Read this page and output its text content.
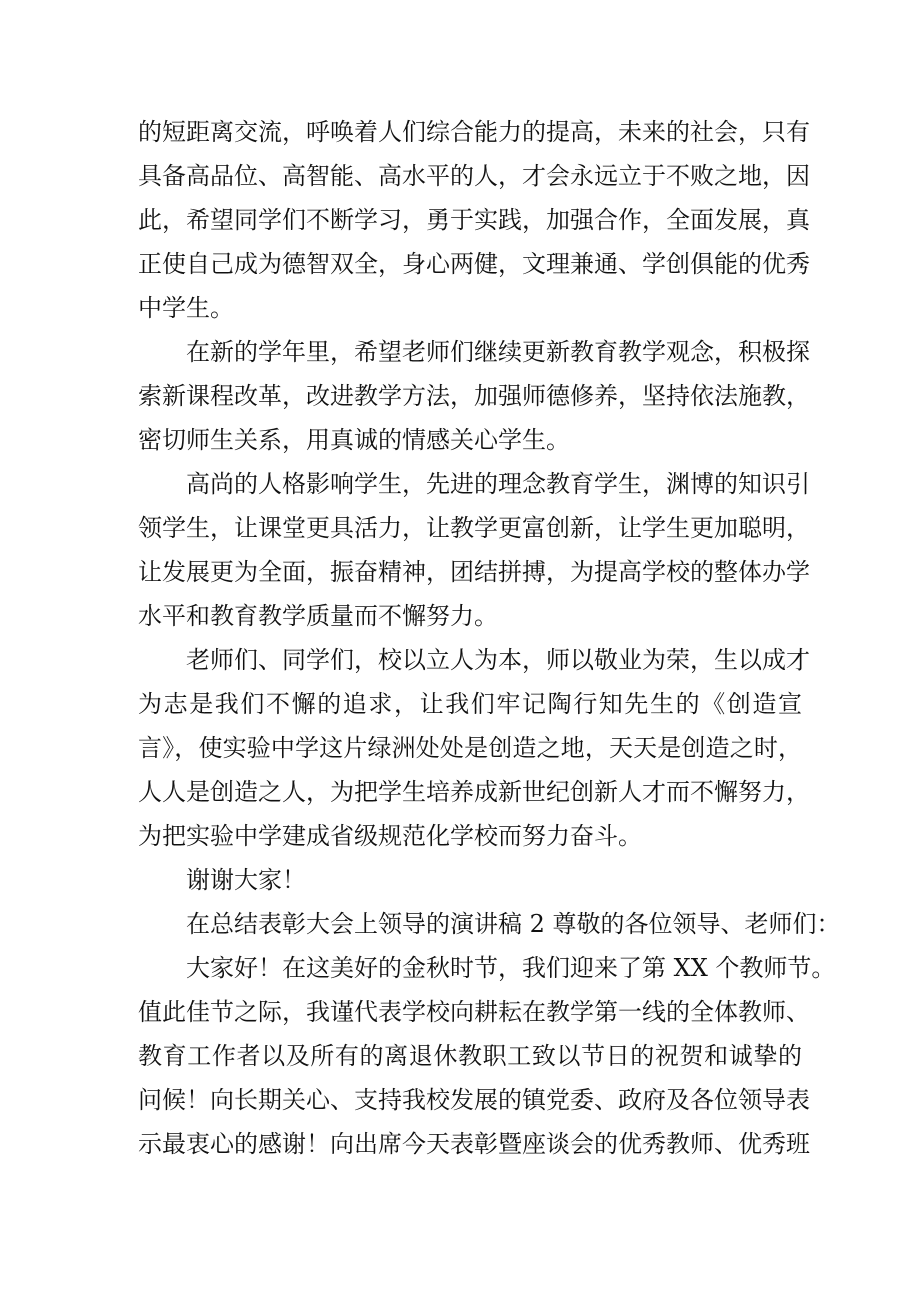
的短距离交流，呼唤着人们综合能力的提高，未来的社会，只有
具备高品位、高智能、高水平的人，才会永远立于不败之地，因
此，希望同学们不断学习，勇于实践，加强合作，全面发展，真
正使自己成为德智双全，身心两健，文理兼通、学创俱能的优秀
中学生。
在新的学年里，希望老师们继续更新教育教学观念，积极探
索新课程改革，改进教学方法，加强师德修养，坚持依法施教，
密切师生关系，用真诚的情感关心学生。
高尚的人格影响学生，先进的理念教育学生，渊博的知识引
领学生，让课堂更具活力，让教学更富创新，让学生更加聪明，
让发展更为全面，振奋精神，团结拼搏，为提高学校的整体办学
水平和教育教学质量而不懈努力。
老师们、同学们，校以立人为本，师以敬业为荣，生以成才
为志是我们不懈的追求，让我们牢记陶行知先生的《创造宣
言》，使实验中学这片绿洲处处是创造之地，天天是创造之时，
人人是创造之人，为把学生培养成新世纪创新人才而不懈努力，
为把实验中学建成省级规范化学校而努力奋斗。
谢谢大家！
在总结表彰大会上领导的演讲稿 2 尊敬的各位领导、老师们：
大家好！在这美好的金秋时节，我们迎来了第 XX 个教师节。
值此佳节之际，我谨代表学校向耕耘在教学第一线的全体教师、
教育工作者以及所有的离退休教职工致以节日的祝贺和诚挚的
问候！向长期关心、支持我校发展的镇党委、政府及各位领导表
示最衷心的感谢！向出席今天表彰暨座谈会的优秀教师、优秀班
